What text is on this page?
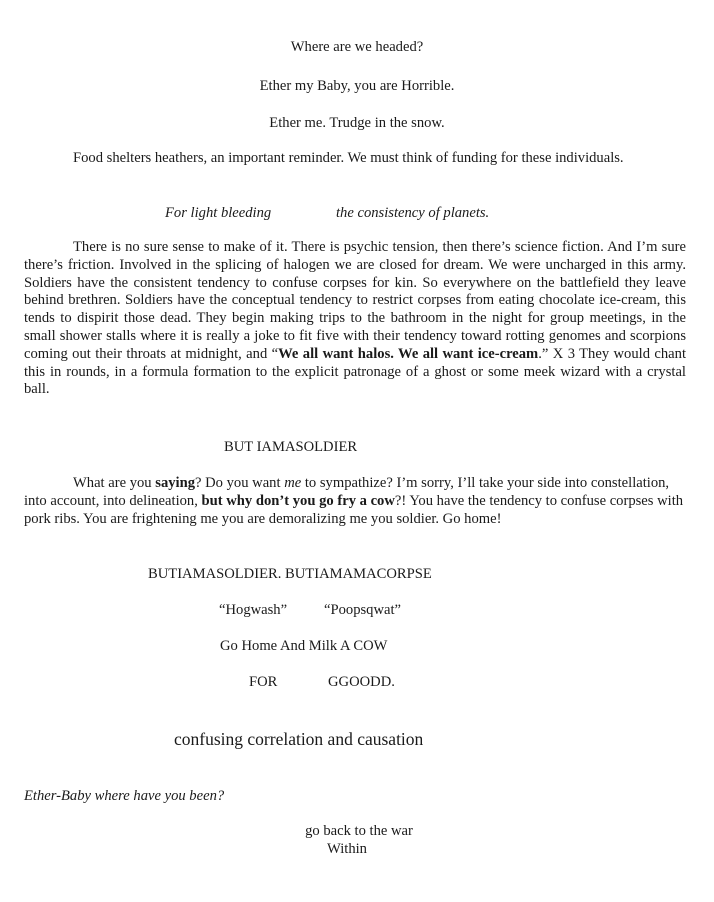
Where are we headed?
Ether my Baby, you are Horrible.
Ether me. Trudge in the snow.
Food shelters heathers, an important reminder. We must think of funding for these individuals.
For light bleeding	the consistency of planets.
There is no sure sense to make of it. There is psychic tension, then there’s science fiction. And I’m sure there’s friction. Involved in the splicing of halogen we are closed for dream. We were uncharged in this army. Soldiers have the consistent tendency to confuse corpses for kin. So everywhere on the battlefield they leave behind brethren. Soldiers have the conceptual tendency to restrict corpses from eating chocolate ice-cream, this tends to dispirit those dead. They begin making trips to the bathroom in the night for group meetings, in the small shower stalls where it is really a joke to fit five with their tendency toward rotting genomes and scorpions coming out their throats at midnight, and “We all want halos. We all want ice-cream.” X 3 They would chant this in rounds, in a formula formation to the explicit patronage of a ghost or some meek wizard with a crystal ball.
BUT IAMASOLDIER
What are you saying? Do you want me to sympathize? I’m sorry, I’ll take your side into constellation, into account, into delineation, but why don’t you go fry a cow?! You have the tendency to confuse corpses with pork ribs. You are frightening me you are demoralizing me you soldier. Go home!
BUTIAMASOLDIER. BUTIAMAMACORPSE
“Hogwash”	“Poopsqwat”
Go Home And Milk A COW
FOR	GGOODD.
confusing correlation and causation
Ether-Baby where have you been?
go back to the war
Within
